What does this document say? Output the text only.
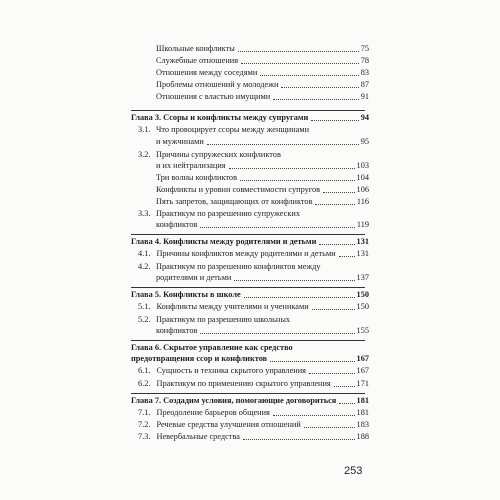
Школьные конфликты	75
Служебные отношения	78
Отношения между соседями	83
Проблемы отношений у молодежи	87
Отношения с властью имущими	91
Глава 3. Ссоры и конфликты между супругами	94
3.1. Что провоцирует ссоры между женщинами
и мужчинами	95
3.2. Причины супружеских конфликтов
и их нейтрализация	103
Три волны конфликтов	104
Конфликты и уровни совместимости супругов	106
Пять запретов, защищающих от конфликтов	116
3.3. Практикум по разрешению супружеских
конфликтов	119
Глава 4. Конфликты между родителями и детьми	131
4.1. Причины конфликтов между родителями и детьми	131
4.2. Практикум по разрешению конфликтов между
родителями и детьми	137
Глава 5. Конфликты в школе	150
5.1. Конфликты между учителями и учениками	150
5.2. Практикум по разрешению школьных
конфликтов	155
Глава 6. Скрытое управление как средство
предотвращения ссор и конфликтов	167
6.1. Сущность и техника скрытого управления	167
6.2. Практикум по применению скрытого управления	171
Глава 7. Создадим условия, помогающие договориться 181
7.1. Преодоление барьеров общения	181
7.2. Речевые средства улучшения отношений	183
7.3. Невербальные средства	188
253
